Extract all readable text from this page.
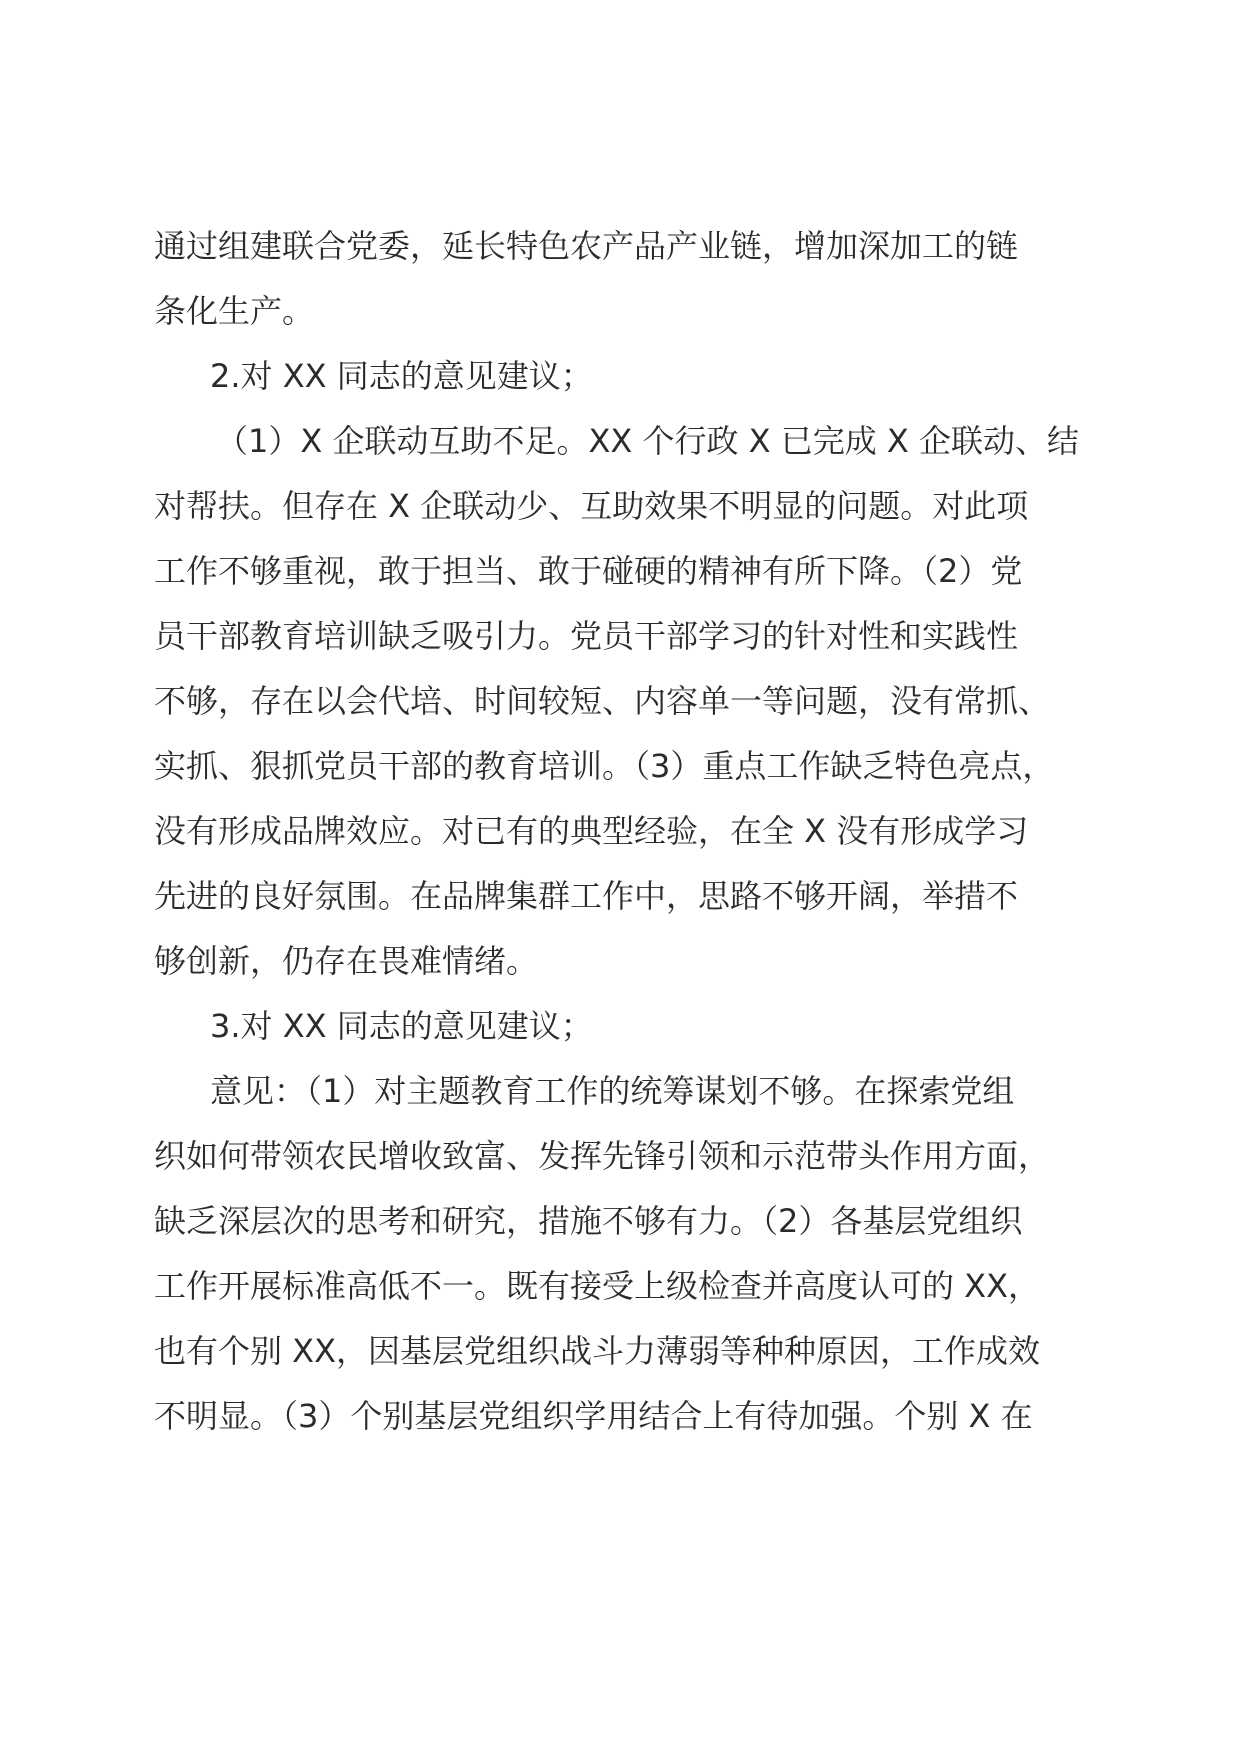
通过组建联合党委，延长特色农产品产业链，增加深加工的链
条化生产。
2.对 XX 同志的意见建议；
（1）X 企联动互助不足。XX 个行政 X 已完成 X 企联动、结
对帮扶。但存在 X 企联动少、互助效果不明显的问题。对此项
工作不够重视，敢于担当、敢于碰硬的精神有所下降。（2）党
员干部教育培训缺乏吸引力。党员干部学习的针对性和实践性
不够，存在以会代培、时间较短、内容单一等问题，没有常抓、
实抓、狠抓党员干部的教育培训。（3）重点工作缺乏特色亮点，
没有形成品牌效应。对已有的典型经验，在全 X 没有形成学习
先进的良好氛围。在品牌集群工作中，思路不够开阔，举措不
够创新，仍存在畏难情绪。
3.对 XX 同志的意见建议；
意见：（1）对主题教育工作的统筹谋划不够。在探索党组
织如何带领农民增收致富、发挥先锋引领和示范带头作用方面，
缺乏深层次的思考和研究，措施不够有力。（2）各基层党组织
工作开展标准高低不一。既有接受上级检查并高度认可的 XX，
也有个别 XX，因基层党组织战斗力薄弱等种种原因，工作成效
不明显。（3）个别基层党组织学用结合上有待加强。个别 X 在
